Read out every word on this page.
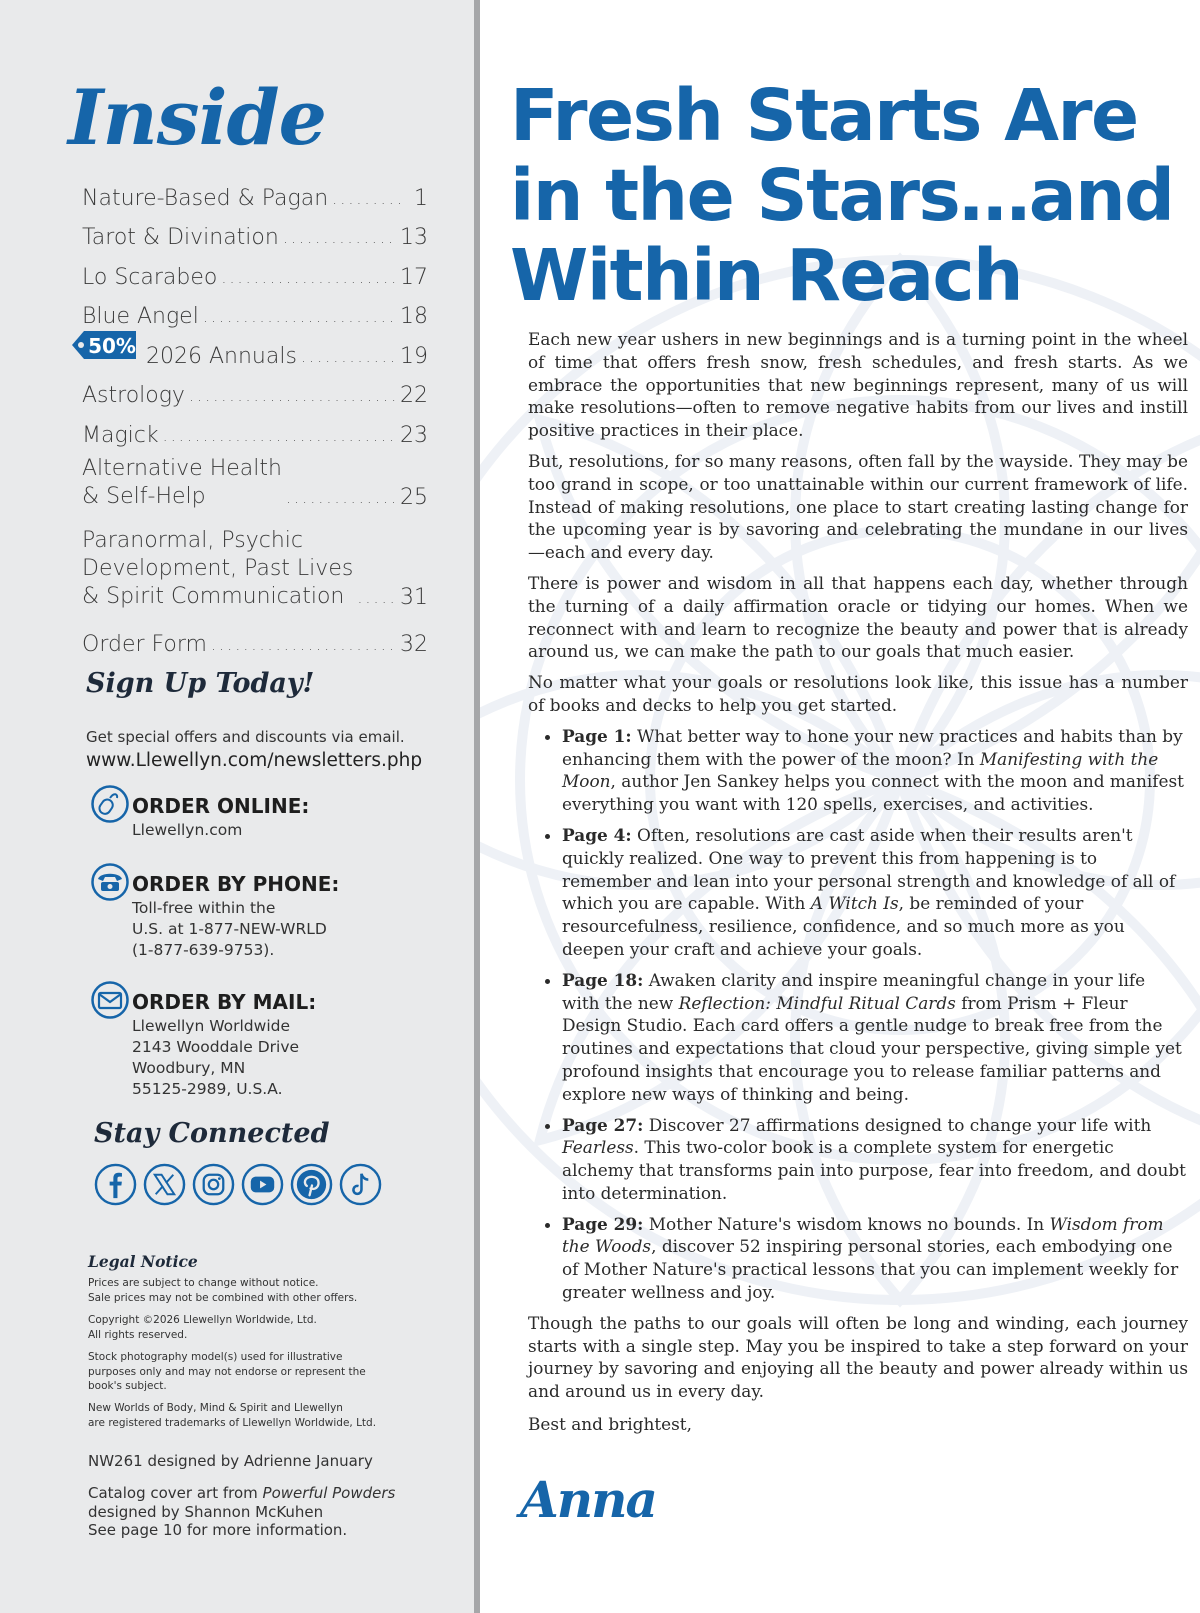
Inside
Nature-Based & Pagan .....	1
Tarot & Divination .....	13
Lo Scarabeo .....	17
Blue Angel .....	18
2026 Annuals .....	19
Astrology .....	22
Magick .....	23
Alternative Health
& Self-Help .....	25
Paranormal, Psychic
Development, Past Lives
& Spirit Communication .....	31
Order Form .....	32
50%
Sign Up Today!
Get special offers and discounts via email.
www.Llewellyn.com/newsletters.php
ORDER ONLINE:
Llewellyn.com
ORDER BY PHONE:
Toll-free within the
U.S. at 1-877-NEW-WRLD
(1-877-639-9753).
ORDER BY MAIL:
Llewellyn Worldwide
2143 Wooddale Drive
Woodbury, MN
55125-2989, U.S.A.
Stay Connected
Legal Notice
Prices are subject to change without notice.
Sale prices may not be combined with other offers.
Copyright ©2026 Llewellyn Worldwide, Ltd.
All rights reserved.
Stock photography model(s) used for illustrative
purposes only and may not endorse or represent the
book's subject.
New Worlds of Body, Mind & Spirit and Llewellyn
are registered trademarks of Llewellyn Worldwide, Ltd.
NW261 designed by Adrienne January
Catalog cover art from Powerful Powders
designed by Shannon McKuhen
See page 10 for more information.
Fresh Starts Are in the Stars…and Within Reach

Each new year ushers in new beginnings and is a turning point in the wheel of time that offers fresh snow, fresh schedules, and fresh starts. As we embrace the opportunities that new beginnings represent, many of us will make resolutions—often to remove negative habits from our lives and instill positive practices in their place.

But, resolutions, for so many reasons, often fall by the wayside. They may be too grand in scope, or too unattainable within our current framework of life. Instead of making resolutions, one place to start creating lasting change for the upcoming year is by savoring and celebrating the mundane in our lives—each and every day.

There is power and wisdom in all that happens each day, whether through the turning of a daily affirmation oracle or tidying our homes. When we reconnect with and learn to recognize the beauty and power that is already around us, we can make the path to our goals that much easier.

No matter what your goals or resolutions look like, this issue has a number of books and decks to help you get started.

• Page 1: What better way to hone your new practices and habits than by enhancing them with the power of the moon? In Manifesting with the Moon, author Jen Sankey helps you connect with the moon and manifest everything you want with 120 spells, exercises, and activities.
• Page 4: Often, resolutions are cast aside when their results aren't quickly realized. One way to prevent this from happening is to remember and lean into your personal strength and knowledge of all of which you are capable. With A Witch Is, be reminded of your resourcefulness, resilience, confidence, and so much more as you deepen your craft and achieve your goals.
• Page 18: Awaken clarity and inspire meaningful change in your life with the new Reflection: Mindful Ritual Cards from Prism + Fleur Design Studio. Each card offers a gentle nudge to break free from the routines and expectations that cloud your perspective, giving simple yet profound insights that encourage you to release familiar patterns and explore new ways of thinking and being.
• Page 27: Discover 27 affirmations designed to change your life with Fearless. This two-color book is a complete system for energetic alchemy that transforms pain into purpose, fear into freedom, and doubt into determination.
• Page 29: Mother Nature's wisdom knows no bounds. In Wisdom from the Woods, discover 52 inspiring personal stories, each embodying one of Mother Nature's practical lessons that you can implement weekly for greater wellness and joy.

Though the paths to our goals will often be long and winding, each journey starts with a single step. May you be inspired to take a step forward on your journey by savoring and enjoying all the beauty and power already within us and around us in every day.

Best and brightest,
Anna
